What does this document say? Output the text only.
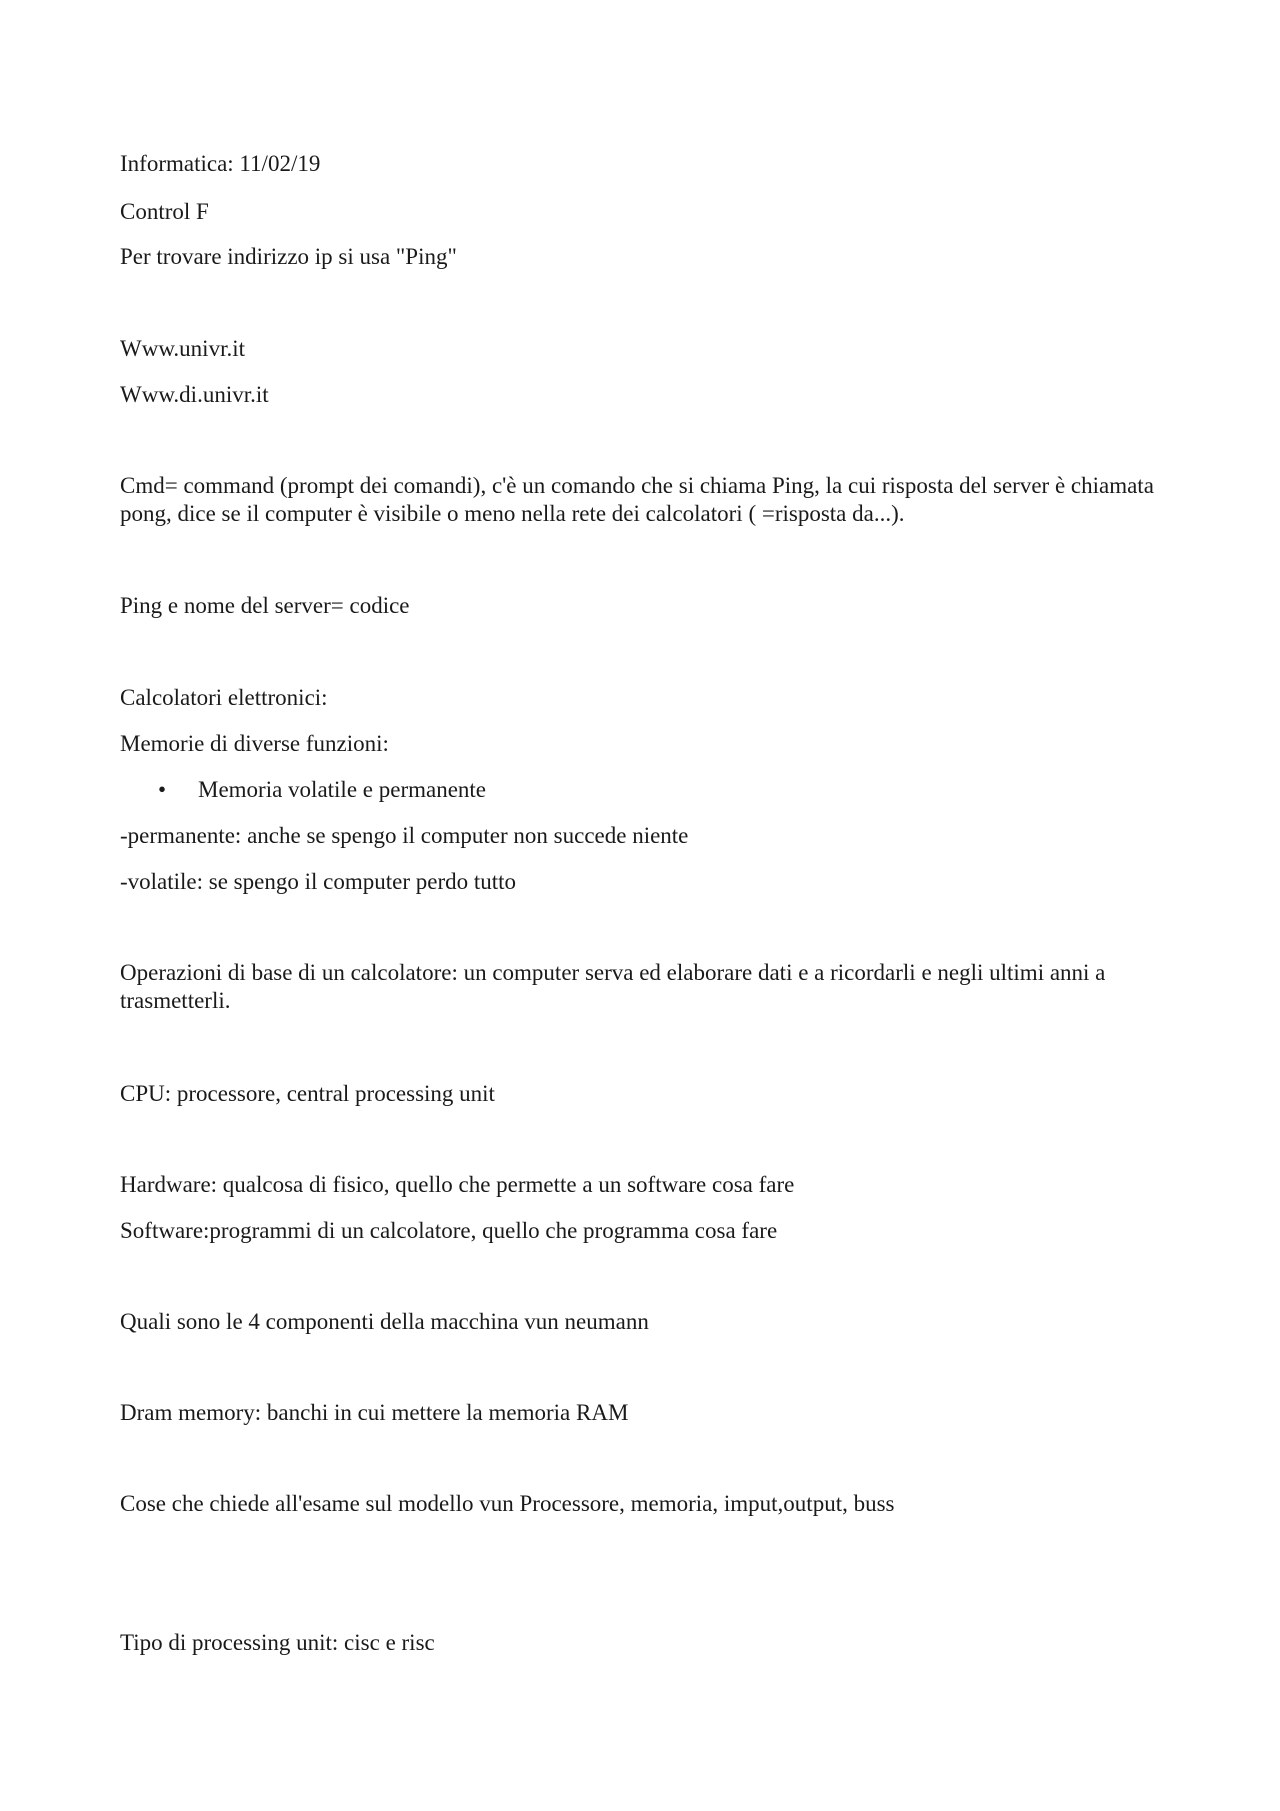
Informatica: 11/02/19

Control F

Per trovare indirizzo ip si usa "Ping"

Www.univr.it

Www.di.univr.it

Cmd= command (prompt dei comandi), c'è un comando che si chiama Ping, la cui risposta del server è chiamata pong, dice se il computer è visibile o meno nella rete dei calcolatori ( =risposta da...).

Ping e nome del server= codice

Calcolatori elettronici:

Memorie di diverse funzioni:

• Memoria volatile e permanente

-permanente: anche se spengo il computer non succede niente

-volatile: se spengo il computer perdo tutto

Operazioni di base di un calcolatore: un computer serva ed elaborare dati e a ricordarli e negli ultimi anni a trasmetterli.

CPU: processore, central processing unit

Hardware: qualcosa di fisico, quello che permette a un software cosa fare

Software:programmi di un calcolatore, quello che programma cosa fare

Quali sono le 4 componenti della macchina vun neumann

Dram memory: banchi in cui mettere la memoria RAM

Cose che chiede all'esame sul modello vun Processore, memoria, imput,output, buss

Tipo di processing unit: cisc e risc
